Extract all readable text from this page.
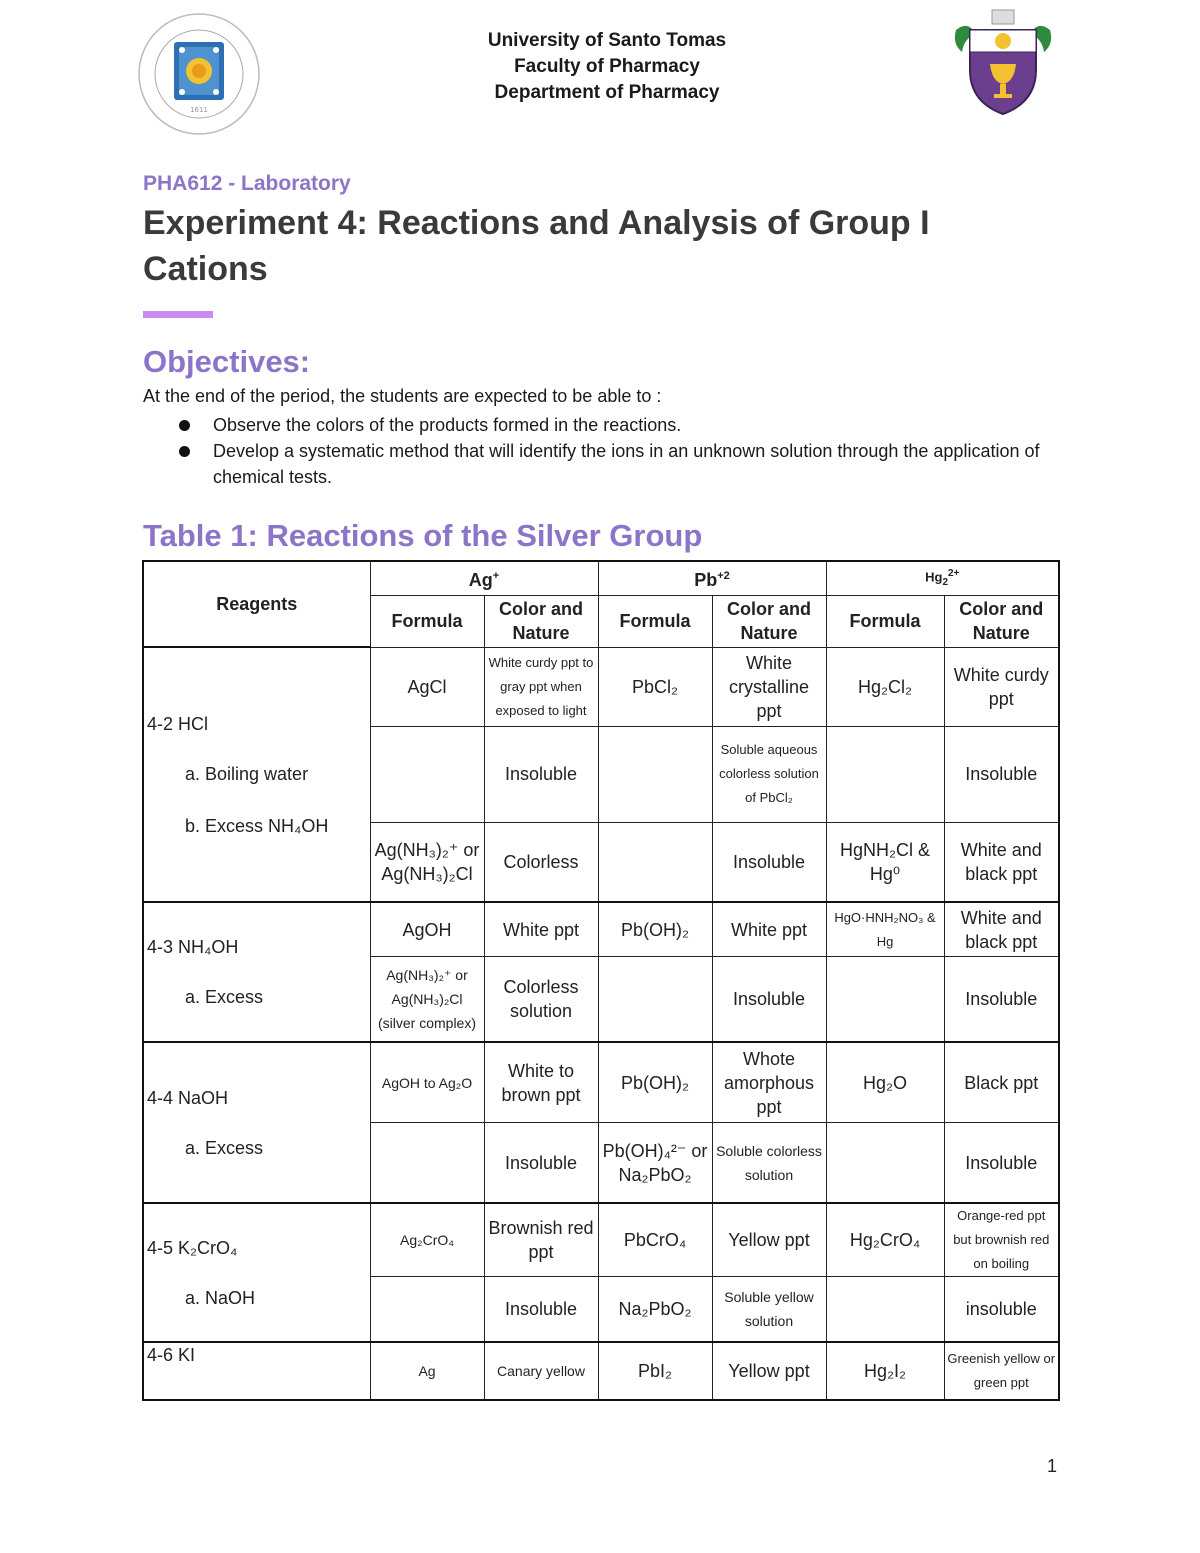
1611
University of Santo Tomas
Faculty of Pharmacy
Department of Pharmacy
PHA612 - Laboratory
Experiment 4: Reactions and Analysis of Group I Cations
Objectives:
At the end of the period, the students are expected to be able to :
Observe the colors of the products formed in the reactions.
Develop a systematic method that will identify the ions in an unknown solution through the application of chemical tests.
Table 1: Reactions of the Silver Group
Reagents	Ag+		$Pb^{+2}$		$Hg_2^{2+}$
	Formula	Color and Nature	Formula	Color and Nature	Formula	Color and Nature

4-2 HCl
a. Boiling water
b. Excess NH₄OH	AgCl	White curdy ppt to gray ppt when exposed to light	PbCl₂	White crystalline ppt	Hg₂Cl₂	White curdy ppt
		Insoluble		Soluble aqueous colorless solution of PbCl₂		Insoluble
	Ag(NH₃)₂⁺ or Ag(NH₃)₂Cl	Colorless		Insoluble	HgNH₂Cl & Hg⁰	White and black ppt

4-3 NH₄OH
a. Excess	AgOH	White ppt	Pb(OH)₂	White ppt	HgO·HNH₂NO₃ & Hg	White and black ppt
	Ag(NH₃)₂⁺ or Ag(NH₃)₂Cl (silver complex)	Colorless solution		Insoluble		Insoluble

4-4 NaOH
a. Excess	AgOH to Ag₂O	White to brown ppt	Pb(OH)₂	Whote amorphous ppt	Hg₂O	Black ppt
		Insoluble	Pb(OH)₄²⁻ or Na₂PbO₂	Soluble colorless solution		Insoluble

4-5 K₂CrO₄
a. NaOH	Ag₂CrO₄	Brownish red ppt	PbCrO₄	Yellow ppt	Hg₂CrO₄	Orange-red ppt but brownish red on boiling
		Insoluble	Na₂PbO₂	Soluble yellow solution		insoluble

4-6 KI	Ag	Canary yellow	PbI₂	Yellow ppt	Hg₂I₂	Greenish yellow or green ppt
1
